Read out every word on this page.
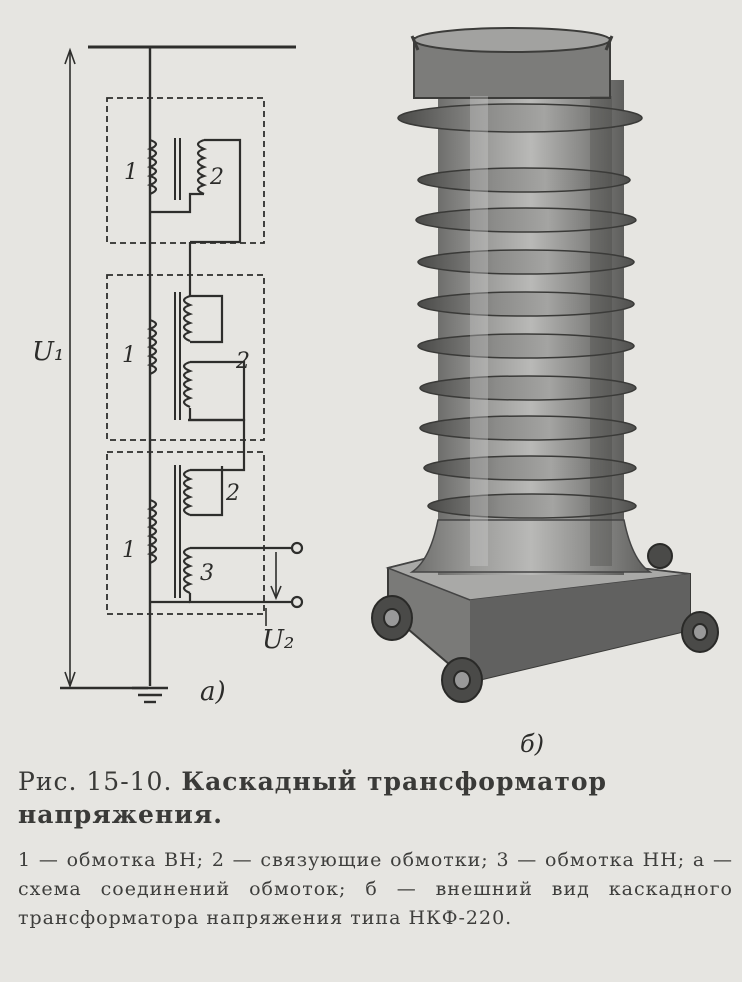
1	2
1	2
1
2
3
U₁
U₂
а)
б)
Рис. 15-10. Каскадный трансформатор напряжения.
1 — обмотка ВН; 2 — связующие обмотки; 3 — обмотка НН; а — схема соединений обмоток; б — внешний вид каскадного трансформатора напряжения типа НКФ-220.
